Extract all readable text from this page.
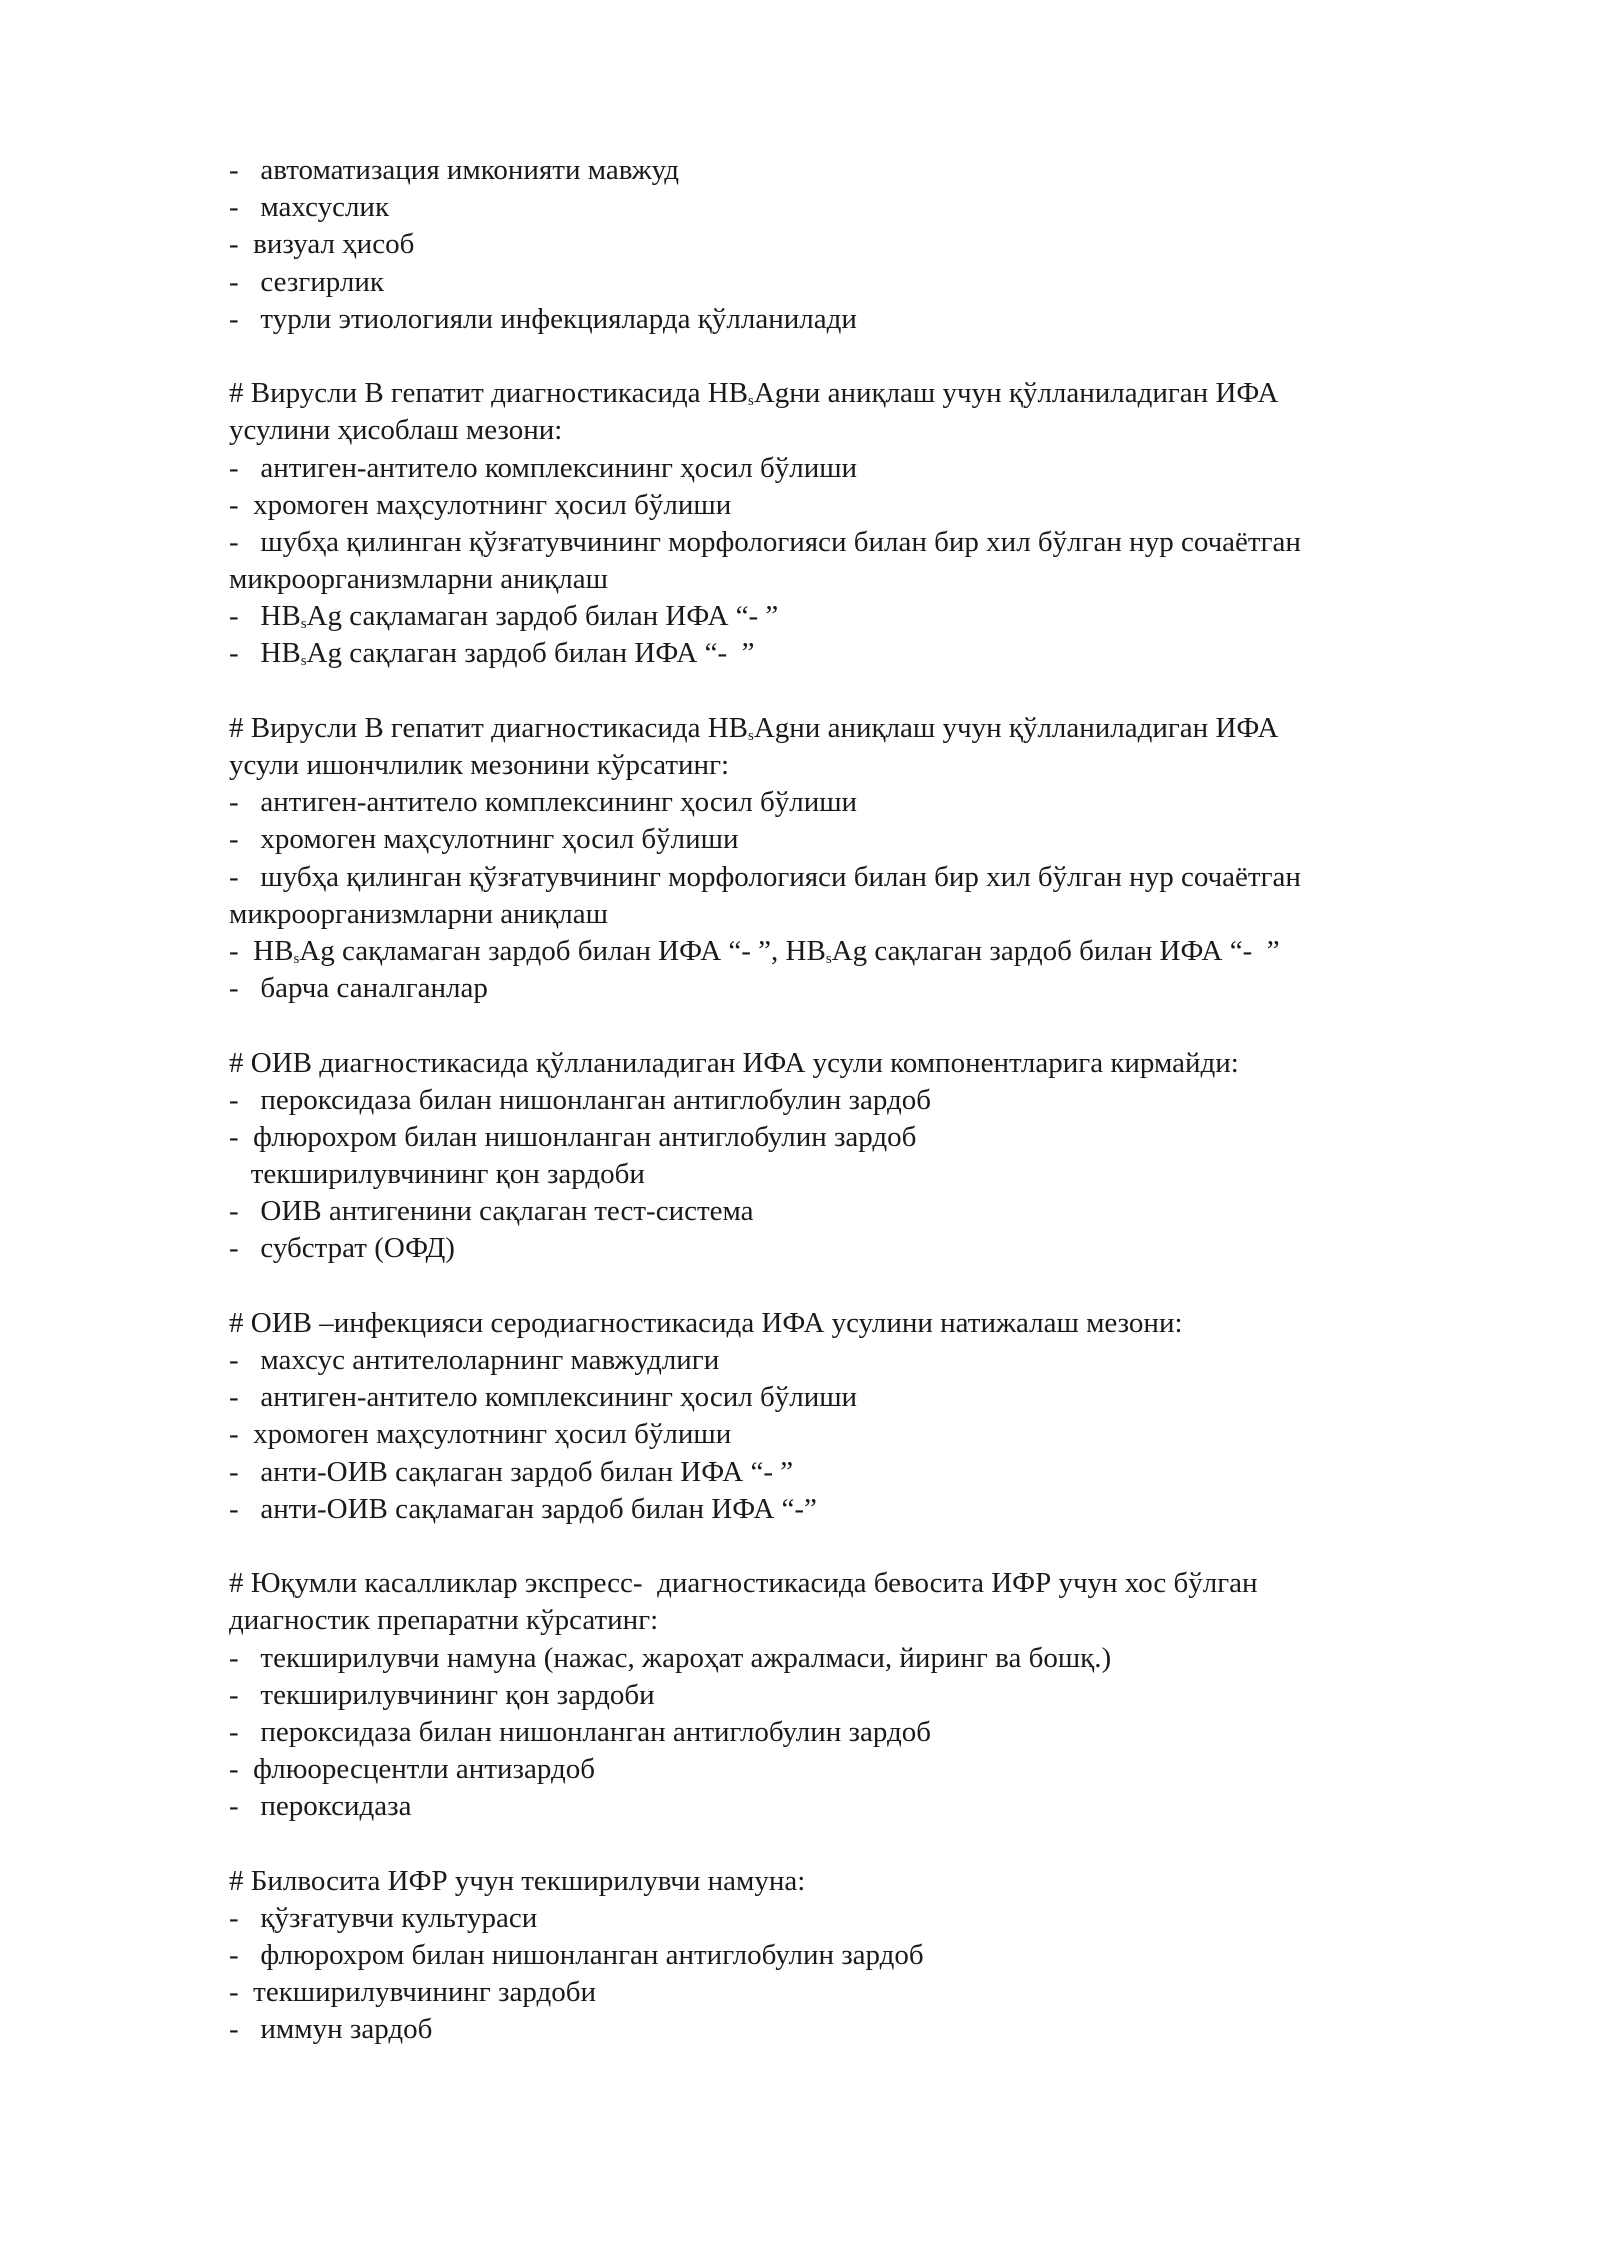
-   автоматизация имконияти мавжуд
-   махсуслик
-  визуал ҳисоб
-   сезгирлик
-   турли этиологияли инфекцияларда қўлланилади
# Вирусли В гепатит диагностикасида $НВ_sАgни$ аниқлаш учун қўлланиладиган ИФА
усулини ҳисоблаш мезони:
-   антиген-антитело комплексининг ҳосил бўлиши
-  хромоген маҳсулотнинг ҳосил бўлиши
-   шубҳа қилинган қўзғатувчининг морфологияси билан бир хил бўлган нур сочаётган
микроорганизмларни аниқлаш
-   $НВ_sАg$ сақламаган зардоб билан ИФА “- ”
-   $НВ_sАg$ сақлаган зардоб билан ИФА “-  ”
# Вирусли В гепатит диагностикасида $НВ_sАgни$ аниқлаш учун қўлланиладиган ИФА
усули ишончлилик мезонини кўрсатинг:
-   антиген-антитело комплексининг ҳосил бўлиши
-   хромоген маҳсулотнинг ҳосил бўлиши
-   шубҳа қилинган қўзғатувчининг морфологияси билан бир хил бўлган нур сочаётган
микроорганизмларни аниқлаш
-  $НВ_sАg$ сақламаган зардоб билан ИФА “- ”, $НВ_sАg$ сақлаган зардоб билан ИФА “-  ”
-   барча саналганлар
# ОИВ диагностикасида қўлланиладиган ИФА усули компонентларига кирмайди:
-   пероксидаза билан нишонланган антиглобулин зардоб
-  флюрохром билан нишонланган антиглобулин зардоб
текширилувчининг қон зардоби
-   ОИВ антигенини сақлаган тест-система
-   субстрат (ОФД)
# ОИВ –инфекцияси серодиагностикасида ИФА усулини натижалаш мезони:
-   махсус антителоларнинг мавжудлиги
-   антиген-антитело комплексининг ҳосил бўлиши
-  хромоген маҳсулотнинг ҳосил бўлиши
-   анти-ОИВ сақлаган зардоб билан ИФА “- ”
-   анти-ОИВ сақламаган зардоб билан ИФА “-”
# Юқумли касалликлар экспресс-  диагностикасида бевосита ИФР учун хос бўлган
диагностик препаратни кўрсатинг:
-   текширилувчи намуна (нажас, жароҳат ажралмаси, йиринг ва бошқ.)
-   текширилувчининг қон зардоби
-   пероксидаза билан нишонланган антиглобулин зардоб
-  флюоресцентли антизардоб
-   пероксидаза
# Билвосита ИФР учун текширилувчи намуна:
-   қўзғатувчи культураси
-   флюрохром билан нишонланган антиглобулин зардоб
-  текширилувчининг зардоби
-   иммун зардоб
